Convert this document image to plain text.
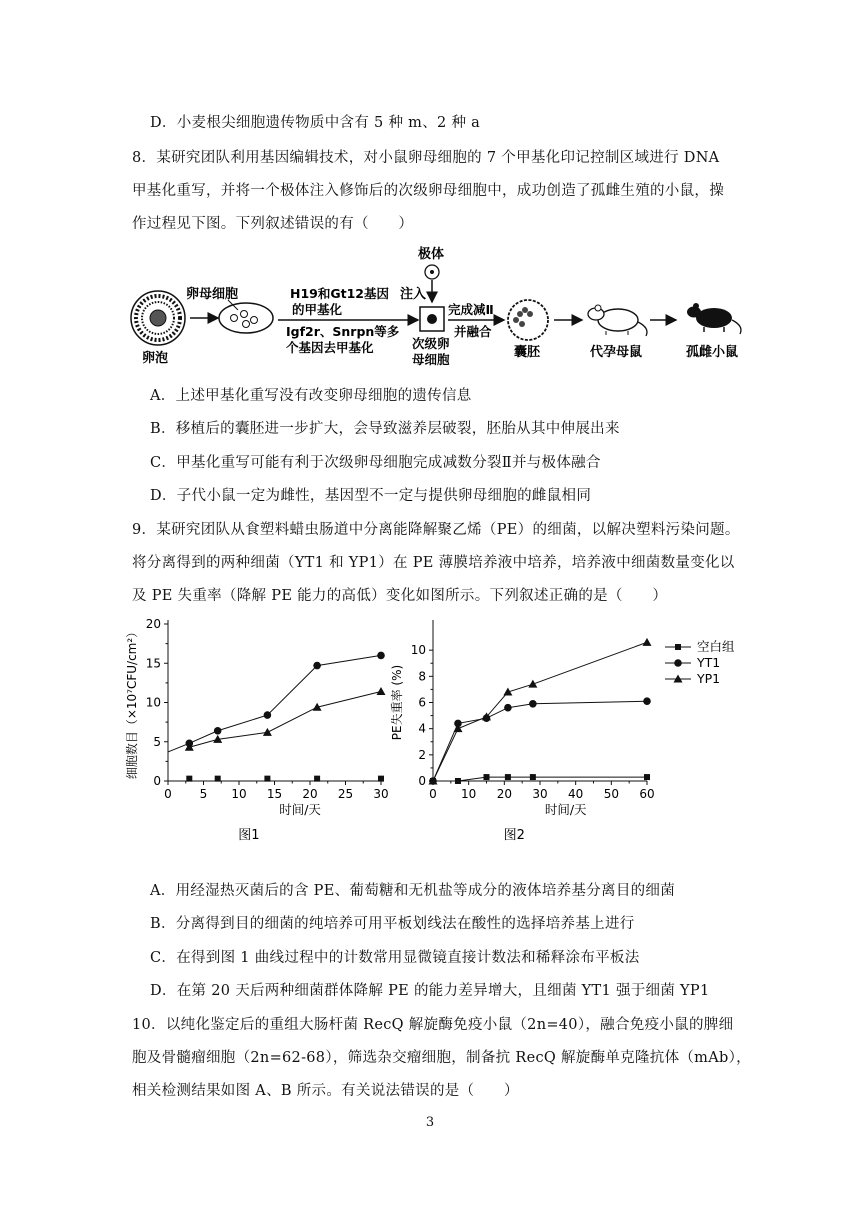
D．小麦根尖细胞遗传物质中含有 5 种 m、2 种 a
8．某研究团队利用基因编辑技术，对小鼠卵母细胞的 7 个甲基化印记控制区域进行 DNA
甲基化重写，并将一个极体注入修饰后的次级卵母细胞中，成功创造了孤雌生殖的小鼠，操
作过程见下图。下列叙述错误的有（　　）
卵泡
卵母细胞	H19和Gt12基因
的甲基化
Igf2r、Snrpn等多
个基因去甲基化
极体
注入
次级卵
母细胞
完成减Ⅱ
并融合
囊胚	代孕母鼠	孤雌小鼠
A．上述甲基化重写没有改变卵母细胞的遗传信息
B．移植后的囊胚进一步扩大，会导致滋养层破裂，胚胎从其中伸展出来
C．甲基化重写可能有利于次级卵母细胞完成减数分裂Ⅱ并与极体融合
D．子代小鼠一定为雌性，基因型不一定与提供卵母细胞的雌鼠相同
9．某研究团队从食塑料蜡虫肠道中分离能降解聚乙烯（PE）的细菌，以解决塑料污染问题。
将分离得到的两种细菌（YT1 和 YP1）在 PE 薄膜培养液中培养，培养液中细菌数量变化以
及 PE 失重率（降解 PE 能力的高低）变化如图所示。下列叙述正确的是（　　）
0 5 10 15 20 25 30
0
5
10
15
20
时间/天
细胞数目（×10⁷CFU/cm²）
图1
0 10 20 30 40 50 60
0
2
4
6
8
10
时间/天
PE失重率 (%)
图2
空白组
YT1
YP1
A．用经湿热灭菌后的含 PE、葡萄糖和无机盐等成分的液体培养基分离目的细菌
B．分离得到目的细菌的纯培养可用平板划线法在酸性的选择培养基上进行
C．在得到图 1 曲线过程中的计数常用显微镜直接计数法和稀释涂布平板法
D．在第 20 天后两种细菌群体降解 PE 的能力差异增大，且细菌 YT1 强于细菌 YP1
10．以纯化鉴定后的重组大肠杆菌 RecQ 解旋酶免疫小鼠（2n=40），融合免疫小鼠的脾细
胞及骨髓瘤细胞（2n=62-68），筛选杂交瘤细胞，制备抗 RecQ 解旋酶单克隆抗体（mAb），
相关检测结果如图 A、B 所示。有关说法错误的是（　　）
3
